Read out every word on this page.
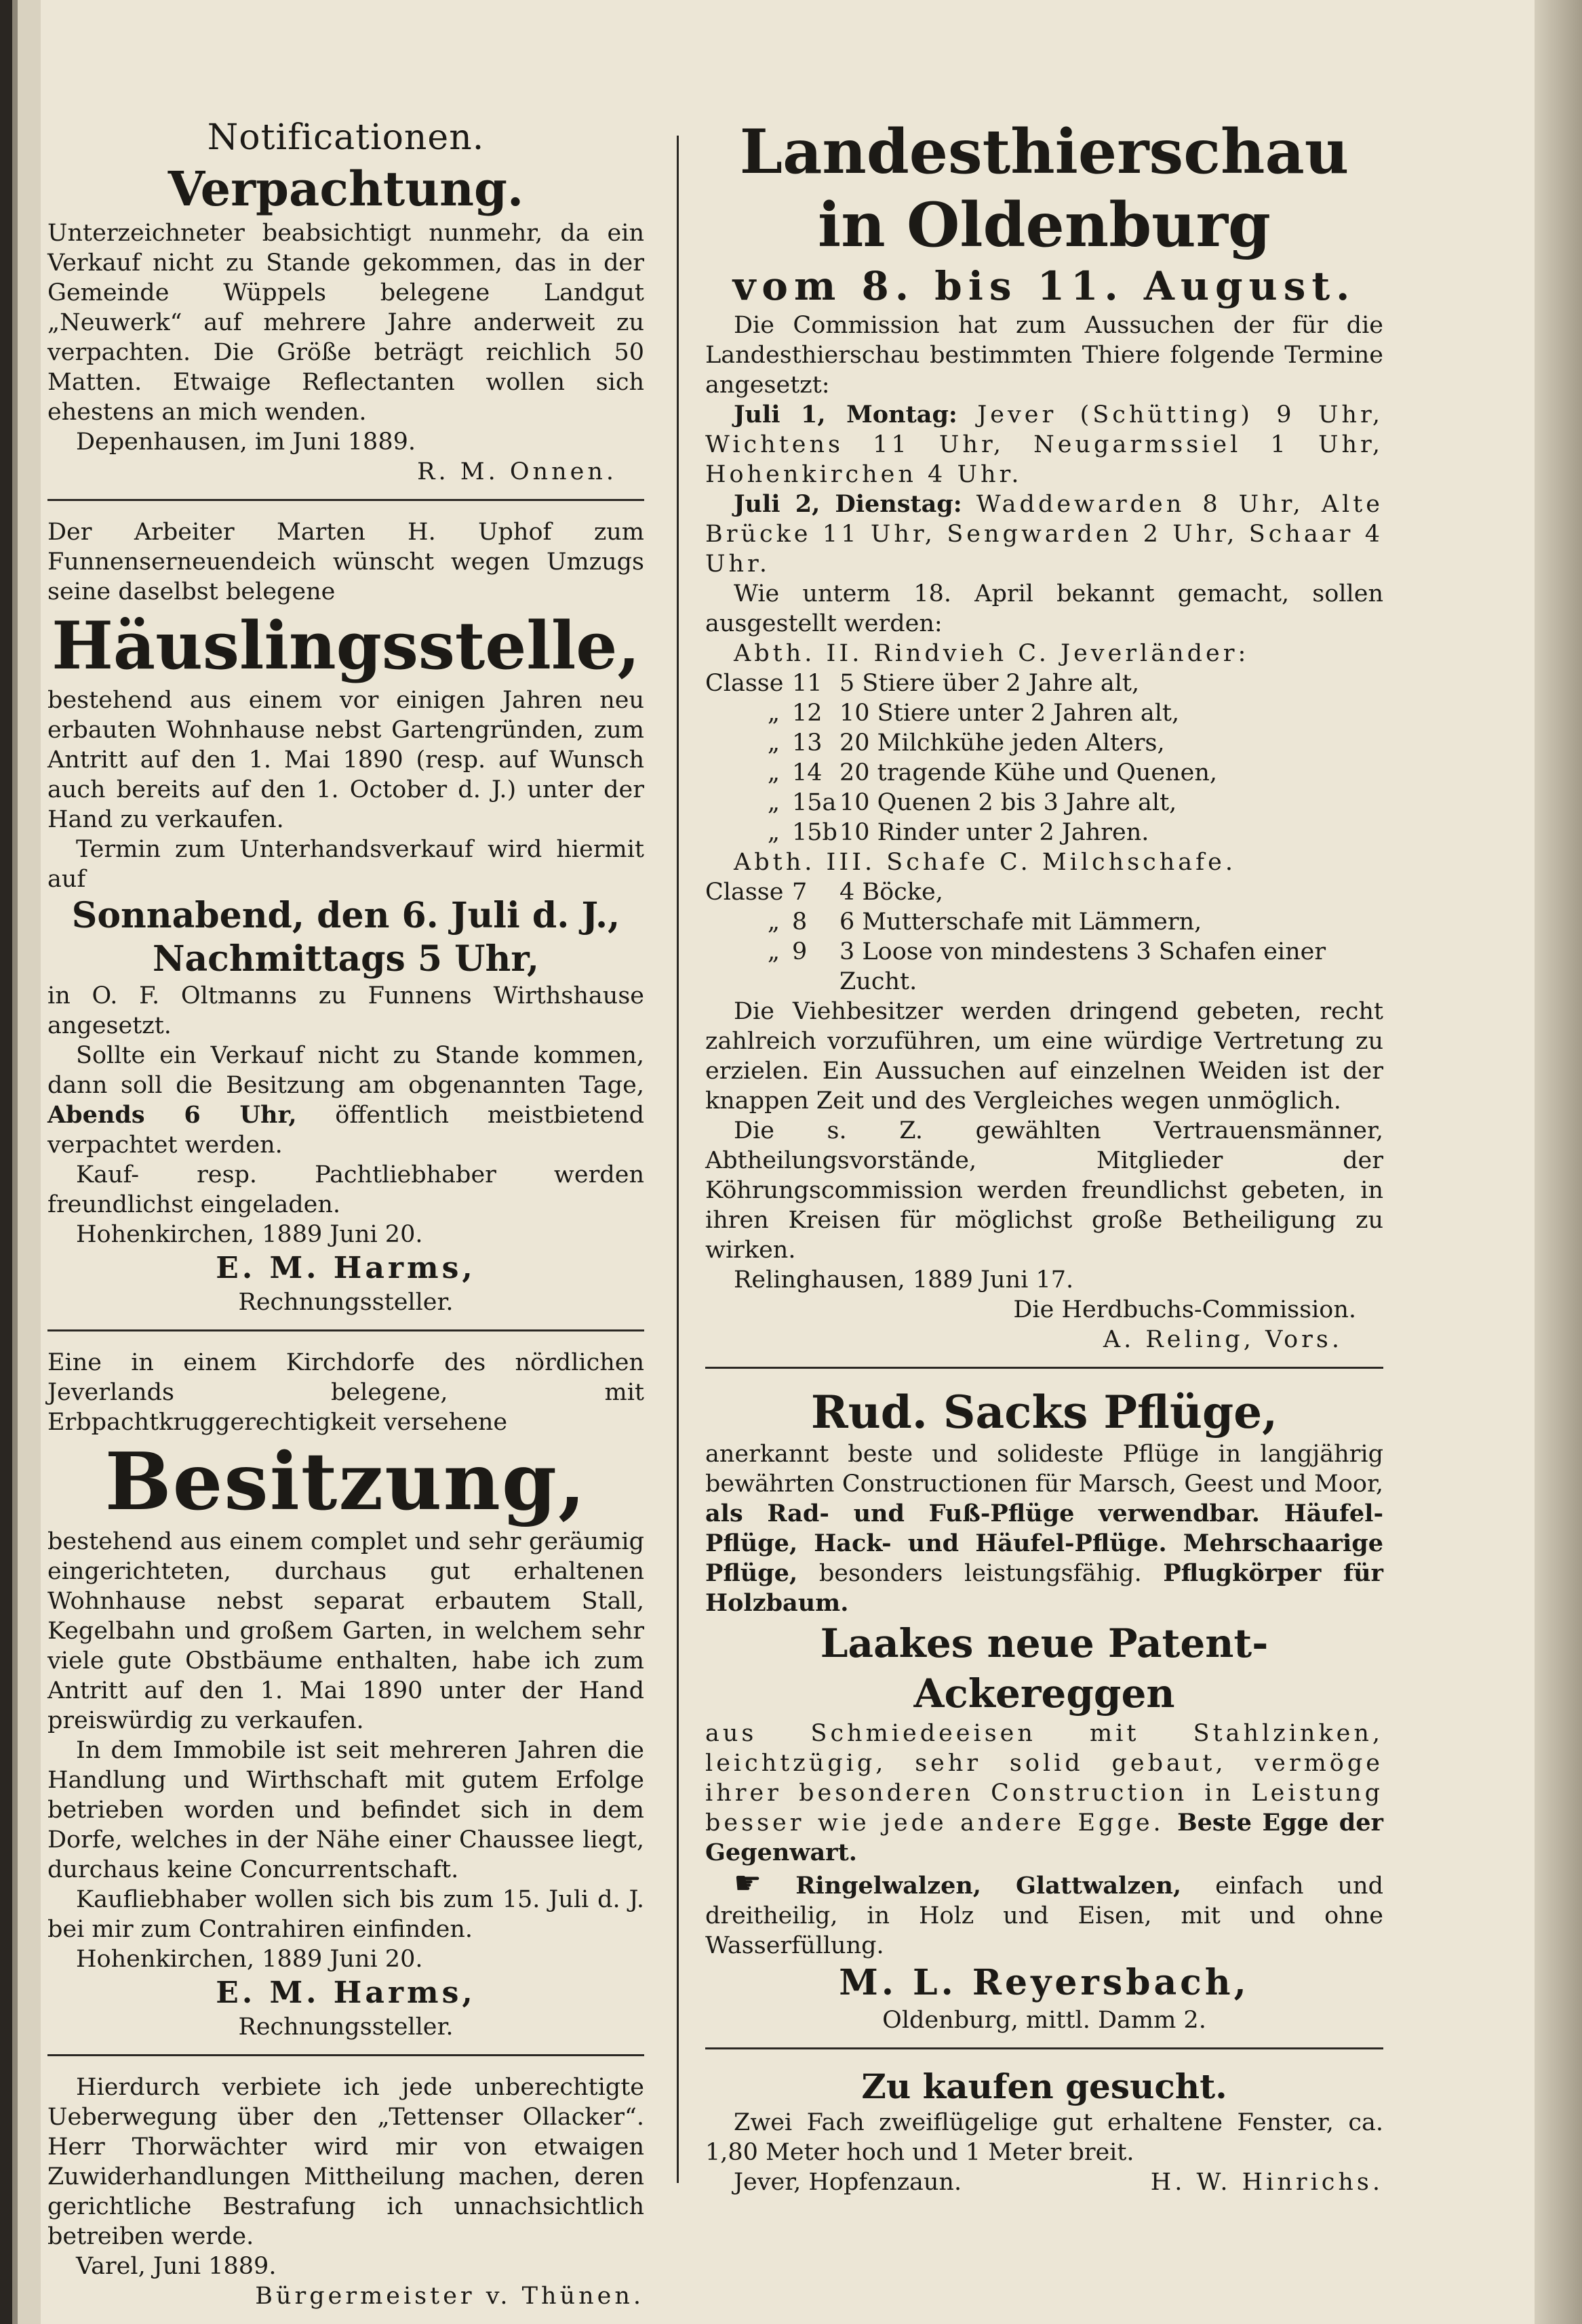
Notificationen.

Verpachtung.

Unterzeichneter beabsichtigt nunmehr, da ein Verkauf nicht zu Stande gekommen, das in der Gemeinde Wüppels belegene Landgut „Neuwerk“ auf mehrere Jahre anderweit zu verpachten. Die Größe beträgt reichlich 50 Matten. Etwaige Reflectanten wollen sich ehestens an mich wenden.

Depenhausen, im Juni 1889.

R. M. Onnen.

Der Arbeiter Marten H. Uphof zum Funnenserneuendeich wünscht wegen Umzugs seine daselbst belegene

Häuslingsstelle,

bestehend aus einem vor einigen Jahren neu erbauten Wohnhause nebst Gartengründen, zum Antritt auf den 1. Mai 1890 (resp. auf Wunsch auch bereits auf den 1. October d. J.) unter der Hand zu verkaufen.

Termin zum Unterhandsverkauf wird hiermit auf

Sonnabend, den 6. Juli d. J.,

Nachmittags 5 Uhr,

in O. F. Oltmanns zu Funnens Wirthshause angesetzt.

Sollte ein Verkauf nicht zu Stande kommen, dann soll die Besitzung am obgenannten Tage, Abends 6 Uhr, öffentlich meistbietend verpachtet werden.

Kauf- resp. Pachtliebhaber werden freundlichst eingeladen.

Hohenkirchen, 1889 Juni 20.

E. M. Harms,

Rechnungssteller.

Eine in einem Kirchdorfe des nördlichen Jeverlands belegene, mit Erbpachtkruggerechtigkeit versehene

Besitzung,

bestehend aus einem complet und sehr geräumig eingerichteten, durchaus gut erhaltenen Wohnhause nebst separat erbautem Stall, Kegelbahn und großem Garten, in welchem sehr viele gute Obstbäume enthalten, habe ich zum Antritt auf den 1. Mai 1890 unter der Hand preiswürdig zu verkaufen.

In dem Immobile ist seit mehreren Jahren die Handlung und Wirthschaft mit gutem Erfolge betrieben worden und befindet sich in dem Dorfe, welches in der Nähe einer Chaussee liegt, durchaus keine Concurrentschaft.

Kaufliebhaber wollen sich bis zum 15. Juli d. J. bei mir zum Contrahiren einfinden.

Hohenkirchen, 1889 Juni 20.

E. M. Harms,

Rechnungssteller.

Hierdurch verbiete ich jede unberechtigte Ueberwegung über den „Tettenser Ollacker“. Herr Thorwächter wird mir von etwaigen Zuwiderhandlungen Mittheilung machen, deren gerichtliche Bestrafung ich unnachsichtlich betreiben werde.

Varel, Juni 1889.

Bürgermeister v. Thünen.

Landesthierschau

in Oldenburg

vom 8. bis 11. August.

Die Commission hat zum Aussuchen der für die Landesthierschau bestimmten Thiere folgende Termine angesetzt:

Juli 1, Montag: Jever (Schütting) 9 Uhr, Wichtens 11 Uhr, Neugarmssiel 1 Uhr, Hohenkirchen 4 Uhr.

Juli 2, Dienstag: Waddewarden 8 Uhr, Alte Brücke 11 Uhr, Sengwarden 2 Uhr, Schaar 4 Uhr.

Wie unterm 18. April bekannt gemacht, sollen ausgestellt werden:

Abth. II. Rindvieh C. Jeverländer:

Classe 11 5 Stiere über 2 Jahre alt,
„ 12 10 Stiere unter 2 Jahren alt,
„ 13 20 Milchkühe jeden Alters,
„ 14 20 tragende Kühe und Quenen,
„ 15a 10 Quenen 2 bis 3 Jahre alt,
„ 15b 10 Rinder unter 2 Jahren.

Abth. III. Schafe C. Milchschafe.

Classe 7	4 Böcke,
„ 8	6 Mutterschafe mit Lämmern,
„ 9	3 Loose von mindestens 3 Schafen einer Zucht.

Die Viehbesitzer werden dringend gebeten, recht zahlreich vorzuführen, um eine würdige Vertretung zu erzielen. Ein Aussuchen auf einzelnen Weiden ist der knappen Zeit und des Vergleiches wegen unmöglich.

Die s. Z. gewählten Vertrauensmänner, Abtheilungsvorstände, Mitglieder der Köhrungscommission werden freundlichst gebeten, in ihren Kreisen für möglichst große Betheiligung zu wirken.

Relinghausen, 1889 Juni 17.

Die Herdbuchs-Commission.

A. Reling, Vors.

Rud. Sacks Pflüge,

anerkannt beste und solideste Pflüge in langjährig bewährten Constructionen für Marsch, Geest und Moor, als Rad- und Fuß-Pflüge verwendbar. Häufel-Pflüge, Hack- und Häufel-Pflüge. Mehrschaarige Pflüge, besonders leistungsfähig. Pflugkörper für Holzbaum.

Laakes neue Patent-Ackereggen

aus Schmiedeeisen mit Stahlzinken, leichtzügig, sehr solid gebaut, vermöge ihrer besonderen Construction in Leistung besser wie jede andere Egge. Beste Egge der Gegenwart.

☛ Ringelwalzen, Glattwalzen, einfach und dreitheilig, in Holz und Eisen, mit und ohne Wasserfüllung.

M. L. Reyersbach,

Oldenburg, mittl. Damm 2.

Zu kaufen gesucht.

Zwei Fach zweiflügelige gut erhaltene Fenster, ca. 1,80 Meter hoch und 1 Meter breit.

Jever, Hopfenzaun.	H. W. Hinrichs.
